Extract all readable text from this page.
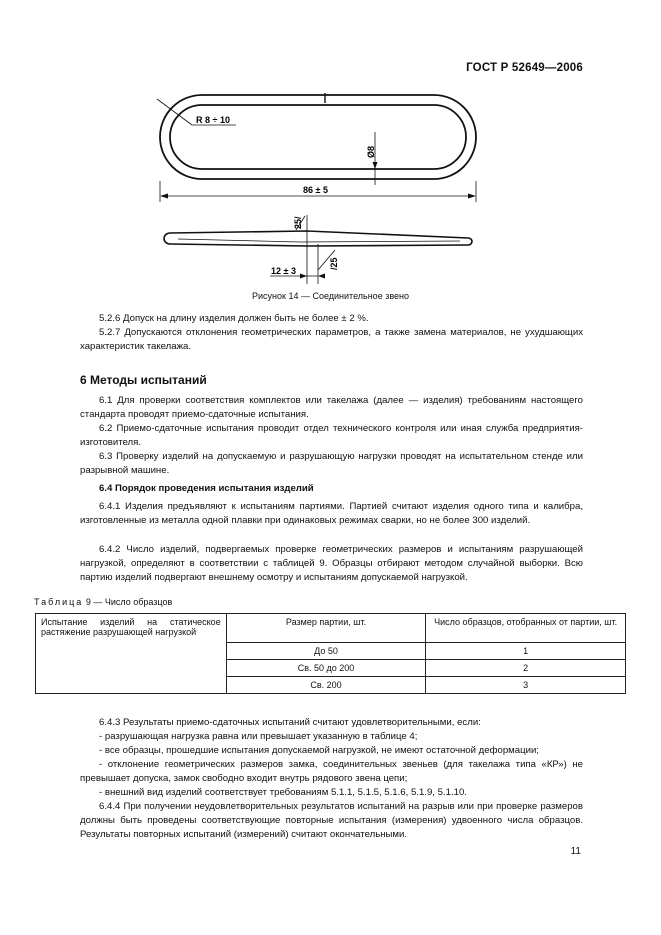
ГОСТ Р 52649—2006
R 8 ÷ 10
Ø8
86 ± 5
25/
12 ± 3
/25
Рисунок 14 — Соединительное звено

5.2.6 Допуск на длину изделия должен быть не более ± 2 %.

5.2.7 Допускаются отклонения геометрических параметров, а также замена материалов, не ухудшающих характеристик такелажа.

6 Методы испытаний

6.1 Для проверки соответствия комплектов или такелажа (далее — изделия) требованиям настоящего стандарта проводят приемо-сдаточные испытания.

6.2 Приемо-сдаточные испытания проводит отдел технического контроля или иная служба предприятия-изготовителя.

6.3 Проверку изделий на допускаемую и разрушающую нагрузки проводят на испытательном стенде или разрывной машине.

6.4 Порядок проведения испытания изделий

6.4.1 Изделия предъявляют к испытаниям партиями. Партией считают изделия одного типа и калибра, изготовленные из металла одной плавки при одинаковых режимах сварки, но не более 300 изделий.

6.4.2 Число изделий, подвергаемых проверке геометрических размеров и испытаниям разрушающей нагрузкой, определяют в соответствии с таблицей 9. Образцы отбирают методом случайной выборки. Всю партию изделий подвергают внешнему осмотру и испытаниям допускаемой нагрузкой.

Таблица 9 — Число образцов
Испытание изделий на статическое растяжение разрушающей нагрузкой	Размер партии, шт.	Число образцов, отобранных от партии, шт.
	До 50	1
	Св. 50 до 200	2
	Св. 200	3

6.4.3 Результаты приемо-сдаточных испытаний считают удовлетворительными, если:

- разрушающая нагрузка равна или превышает указанную в таблице 4;

- все образцы, прошедшие испытания допускаемой нагрузкой, не имеют остаточной деформации;

- отклонение геометрических размеров замка, соединительных звеньев (для такелажа типа «КР») не превышает допуска, замок свободно входит внутрь рядового звена цепи;

- внешний вид изделий соответствует требованиям 5.1.1, 5.1.5, 5.1.6, 5.1.9, 5.1.10.

6.4.4 При получении неудовлетворительных результатов испытаний на разрыв или при проверке размеров должны быть проведены соответствующие повторные испытания (измерения) удвоенного числа образцов. Результаты повторных испытаний (измерений) считают окончательными.

11
